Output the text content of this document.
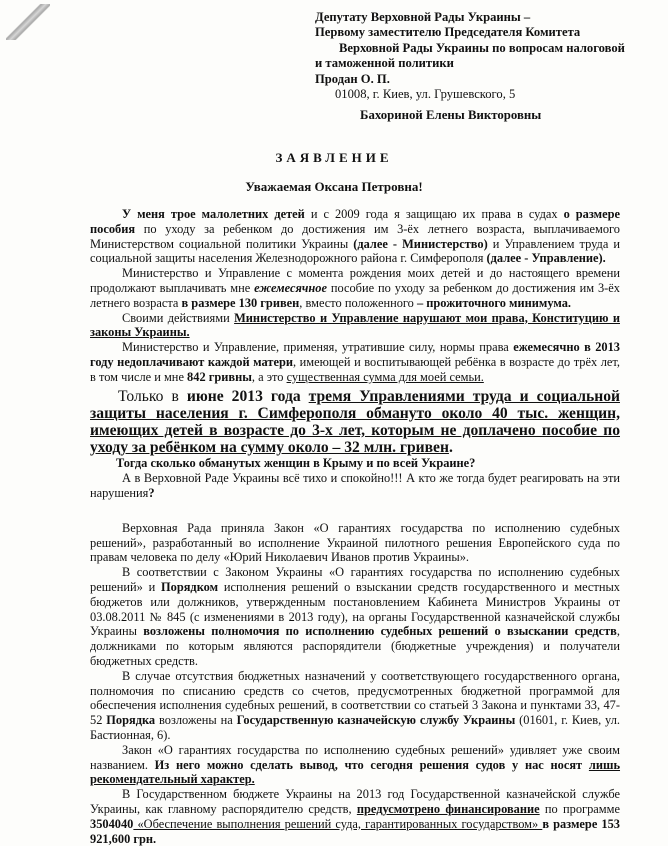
Депутату Верховной Рады Украины –
Первому заместителю Председателя Комитета
Верховной Рады Украины по вопросам налоговой
и таможенной политики
Продан О. П.
01008, г. Киев, ул. Грушевского, 5
Бахориной Елены Викторовны
ЗАЯВЛЕНИЕ
Уважаемая Оксана Петровна!

У меня трое малолетних детей и с 2009 года я защищаю их права в судах о размере пособия по уходу за ребенком до достижения им 3-ёх летнего возраста, выплачиваемого Министерством социальной политики Украины (далее - Министерство) и Управлением труда и социальной защиты населения Железнодорожного района г. Симферополя (далее - Управление).

Министерство и Управление с момента рождения моих детей и до настоящего времени продолжают выплачивать мне ежемесячное пособие по уходу за ребенком до достижения им 3-ёх летнего возраста в размере 130 гривен, вместо положенного – прожиточного минимума.

Своими действиями Министерство и Управление нарушают мои права, Конституцию и законы Украины.

Министерство и Управление, применяя, утратившие силу, нормы права ежемесячно в 2013 году недоплачивают каждой матери, имеющей и воспитывающей ребёнка в возрасте до трёх лет, в том числе и мне 842 гривны, а это существенная сумма для моей семьи.

Только в июне 2013 года тремя Управлениями труда и социальной защиты населения г. Симферополя обмануто около 40 тыс. женщин, имеющих детей в возрасте до 3-х лет, которым не доплачено пособие по уходу за ребёнком на сумму около – 32 млн. гривен.

Тогда сколько обманутых женщин в Крыму и по всей Украине?

А в Верховной Раде Украины всё тихо и спокойно!!! А кто же тогда будет реагировать на эти нарушения?

Верховная Рада приняла Закон «О гарантиях государства по исполнению судебных решений», разработанный во исполнение Украиной пилотного решения Европейского суда по правам человека по делу «Юрий Николаевич Иванов против Украины».

В соответствии с Законом Украины «О гарантиях государства по исполнению судебных решений» и Порядком исполнения решений о взыскании средств государственного и местных бюджетов или должников, утвержденным постановлением Кабинета Министров Украины от 03.08.2011 № 845 (с изменениями в 2013 году), на органы Государственной казначейской службы Украины возложены полномочия по исполнению судебных решений о взыскании средств, должниками по которым являются распорядители (бюджетные учреждения) и получатели бюджетных средств.

В случае отсутствия бюджетных назначений у соответствующего государственного органа, полномочия по списанию средств со счетов, предусмотренных бюджетной программой для обеспечения исполнения судебных решений, в соответствии со статьей 3 Закона и пунктами 33, 47-52 Порядка возложены на Государственную казначейскую службу Украины (01601, г. Киев, ул. Бастионная, 6).

Закон «О гарантиях государства по исполнению судебных решений» удивляет уже своим названием. Из него можно сделать вывод, что сегодня решения судов у нас носят лишь рекомендательный характер.

В Государственном бюджете Украины на 2013 год Государственной казначейской службе Украины, как главному распорядителю средств, предусмотрено финансирование по программе 3504040 «Обеспечение выполнения решений суда, гарантированных государством» в размере 153 921,600 грн.
